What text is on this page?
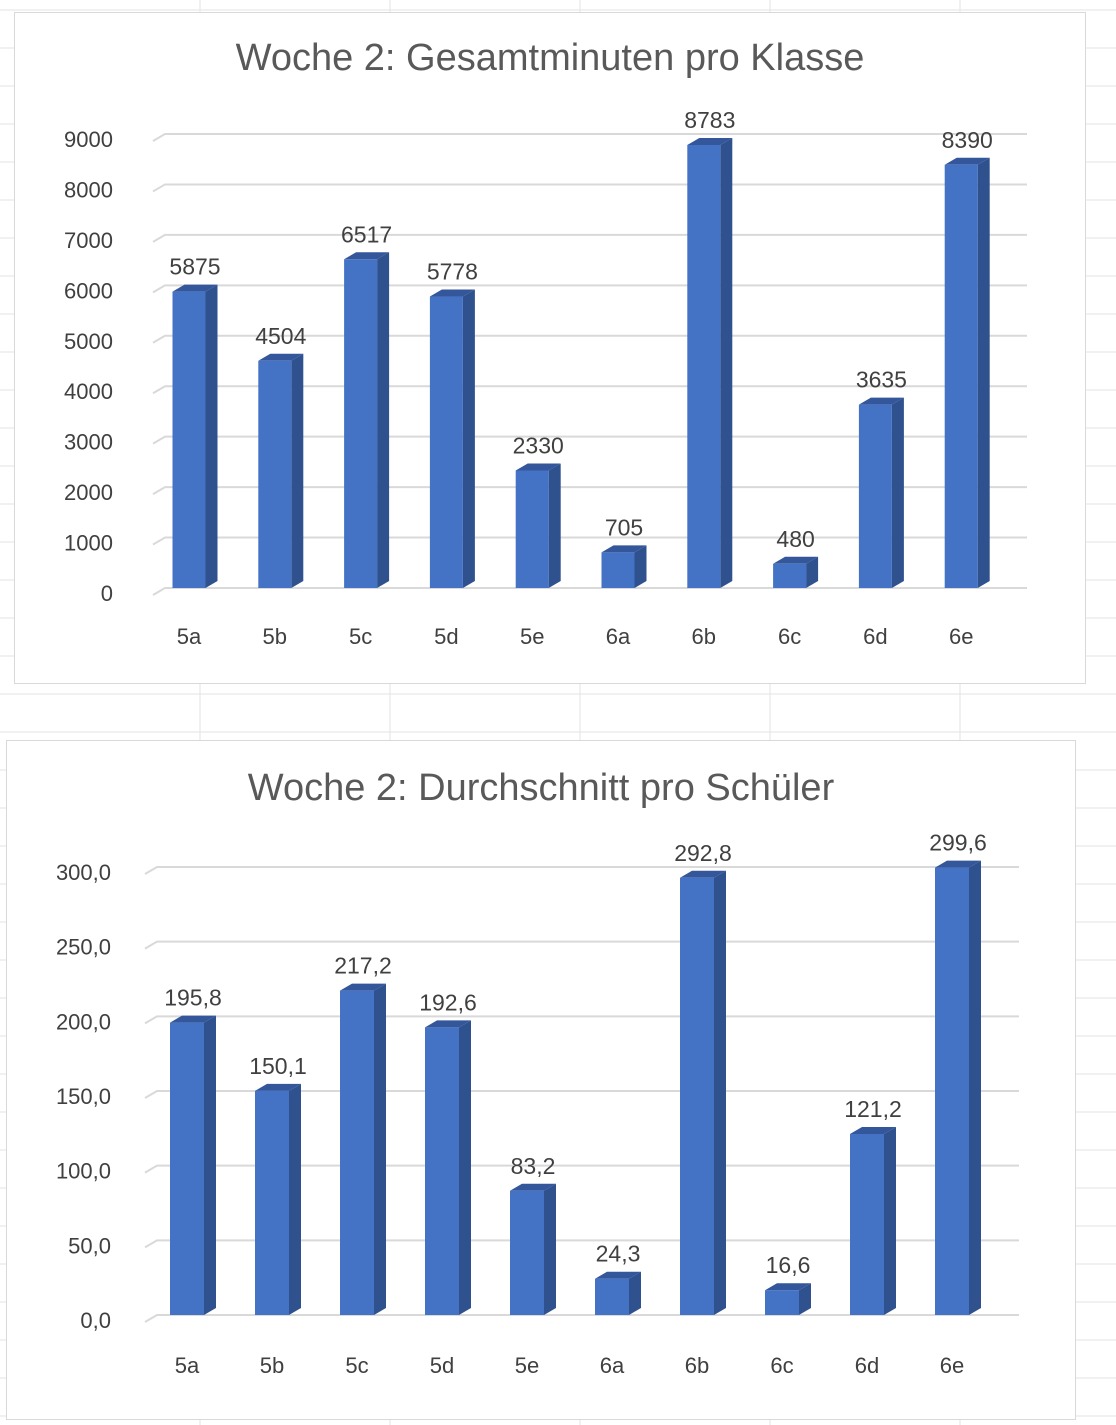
Woche 2: Gesamtminuten pro Klasse
0
1000
2000
3000
4000
5000
6000
7000
8000
9000
5875
5a
4504
5b
6517
5c
5778
5d
2330
5e
705
6a
8783
6b
480
6c
3635
6d
8390
6e
Woche 2: Durchschnitt pro Schüler
0,0
50,0
100,0
150,0
200,0
250,0
300,0
195,8
5a
150,1
5b
217,2
5c
192,6
5d
83,2
5e
24,3
6a
292,8
6b
16,6
6c
121,2
6d
299,6
6e
